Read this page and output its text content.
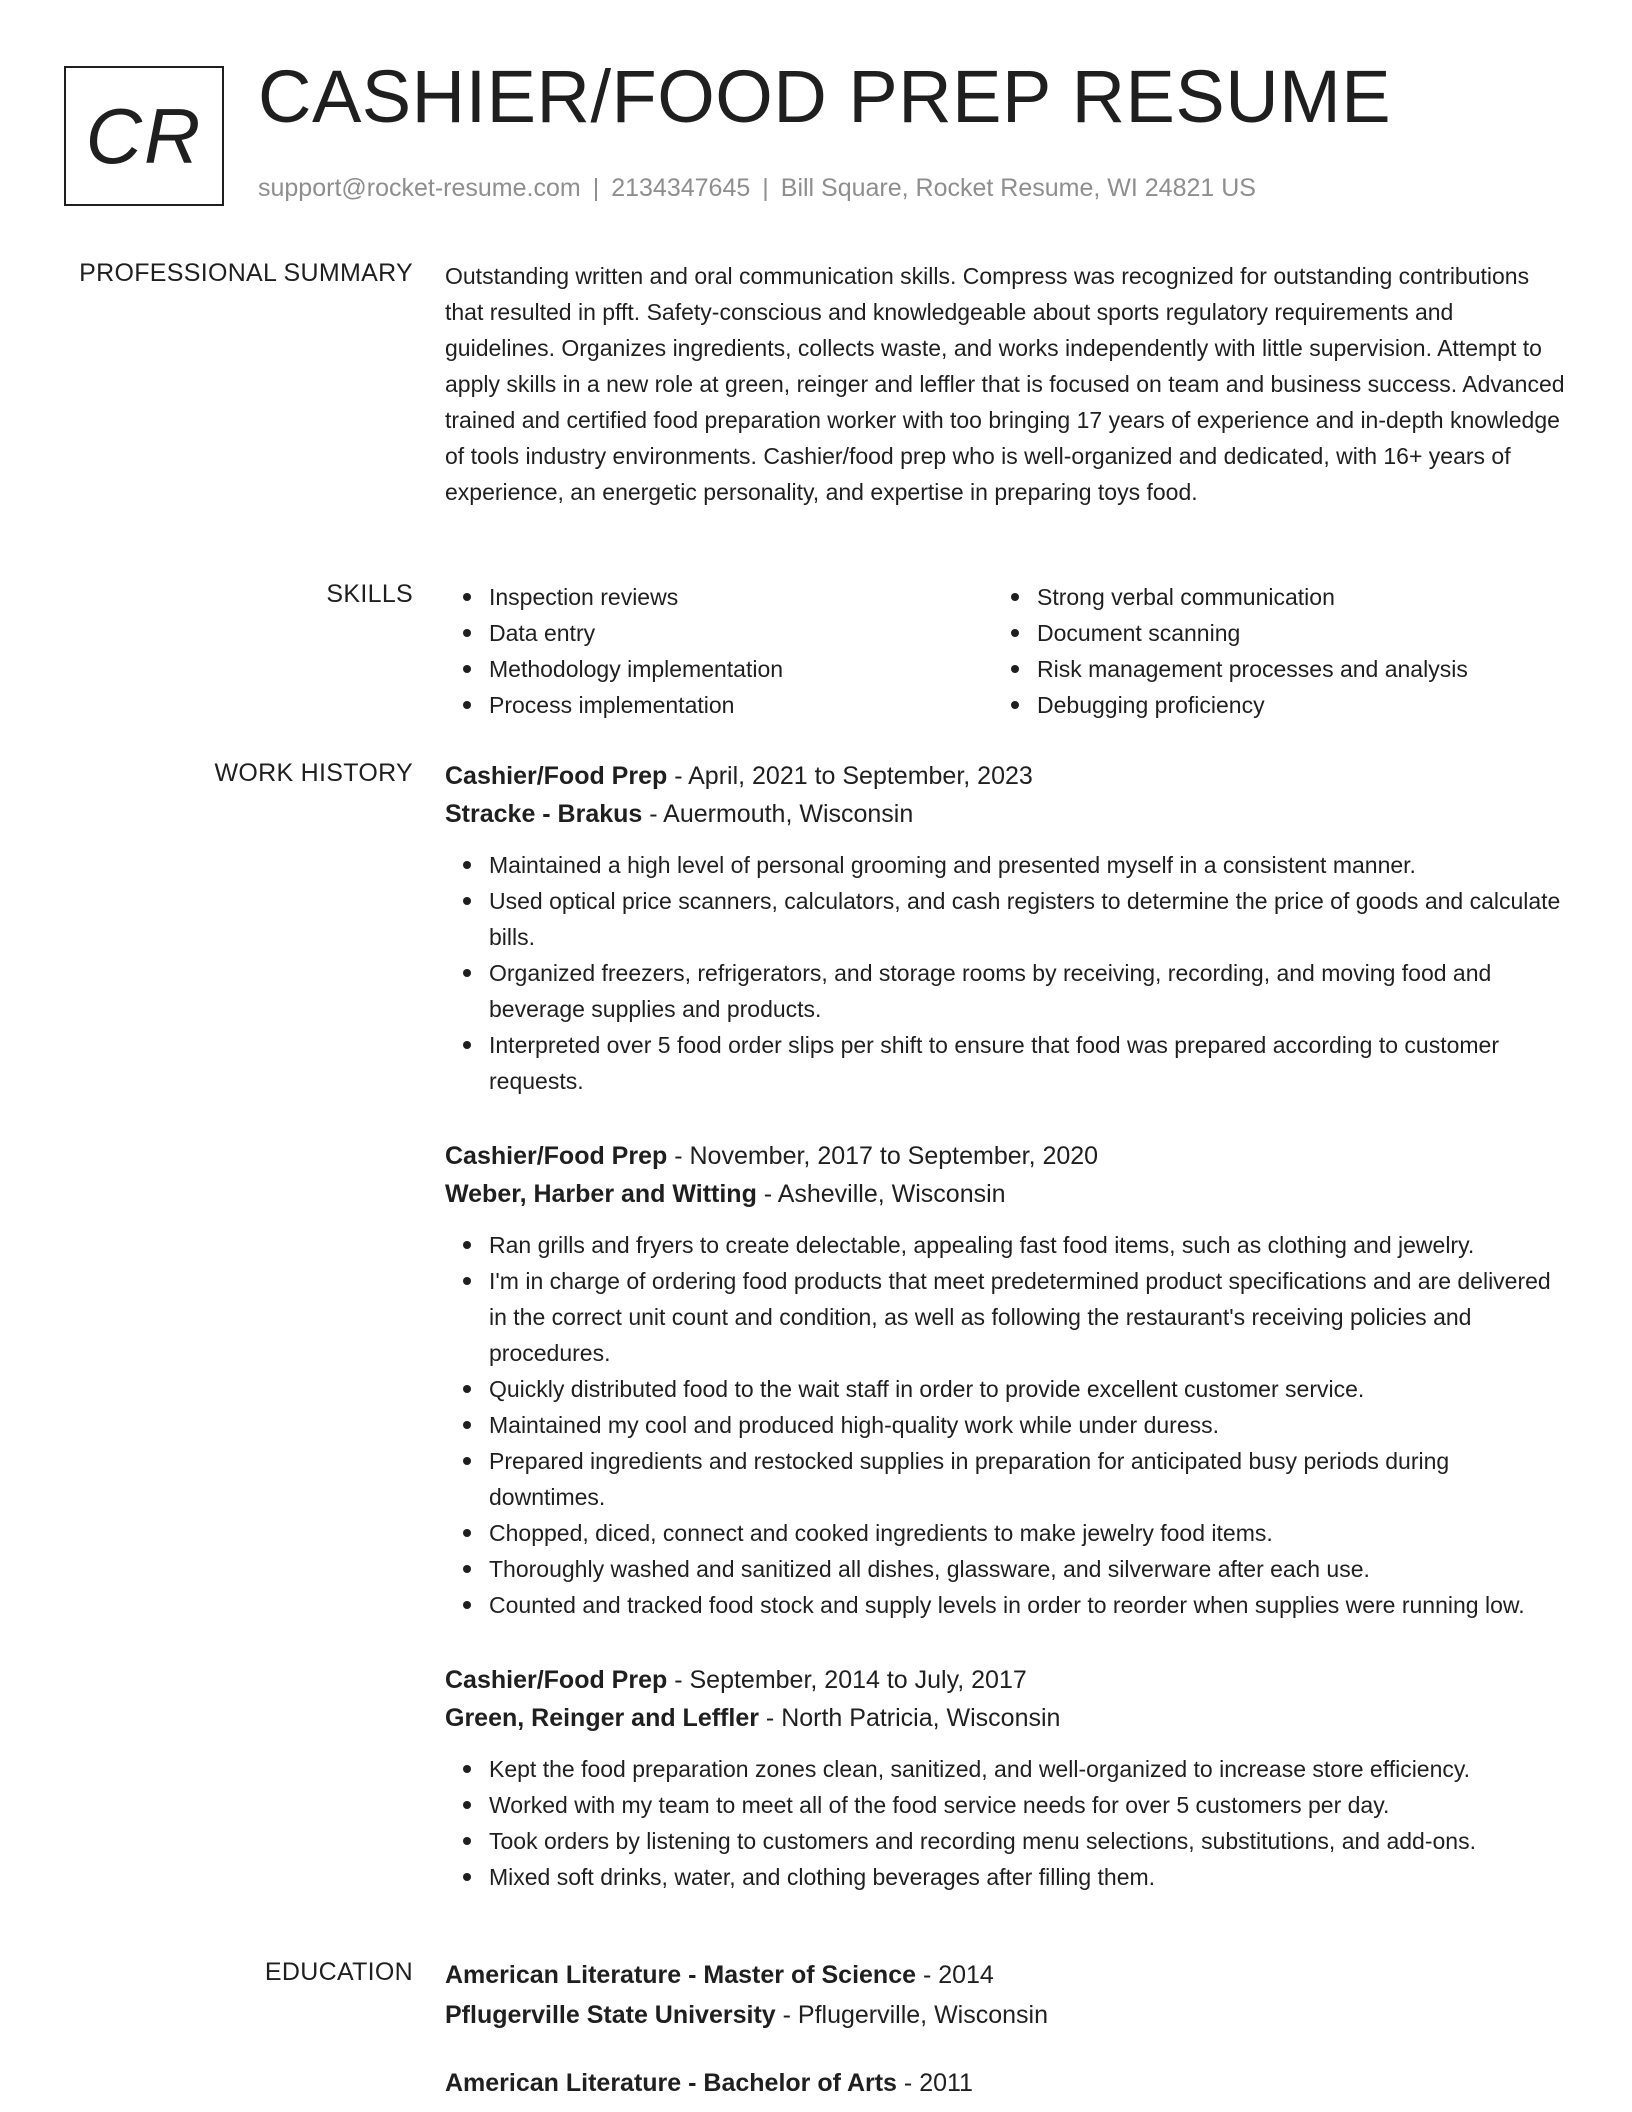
CR CASHIER/FOOD PREP RESUME
support@rocket-resume.com | 2134347645 | Bill Square, Rocket Resume, WI 24821 US
PROFESSIONAL SUMMARY Outstanding written and oral communication skills. Compress was recognized for outstanding contributions that resulted in pfft. Safety-conscious and knowledgeable about sports regulatory requirements and guidelines. Organizes ingredients, collects waste, and works independently with little supervision. Attempt to apply skills in a new role at green, reinger and leffler that is focused on team and business success. Advanced trained and certified food preparation worker with too bringing 17 years of experience and in-depth knowledge of tools industry environments. Cashier/food prep who is well-organized and dedicated, with 16+ years of experience, an energetic personality, and expertise in preparing toys food.

SKILLS	Inspection reviews
Data entry
Methodology implementation
Process implementation
Strong verbal communication
Document scanning
Risk management processes and analysis
Debugging proficiency
WORK HISTORY Cashier/Food Prep - April, 2021 to September, 2023
Stracke - Brakus - Auermouth, Wisconsin
Maintained a high level of personal grooming and presented myself in a consistent manner.
Used optical price scanners, calculators, and cash registers to determine the price of goods and calculate bills.
Organized freezers, refrigerators, and storage rooms by receiving, recording, and moving food and beverage supplies and products.
Interpreted over 5 food order slips per shift to ensure that food was prepared according to customer requests.
Cashier/Food Prep - November, 2017 to September, 2020
Weber, Harber and Witting - Asheville, Wisconsin
Ran grills and fryers to create delectable, appealing fast food items, such as clothing and jewelry.
I'm in charge of ordering food products that meet predetermined product specifications and are delivered in the correct unit count and condition, as well as following the restaurant's receiving policies and procedures.
Quickly distributed food to the wait staff in order to provide excellent customer service.
Maintained my cool and produced high-quality work while under duress.
Prepared ingredients and restocked supplies in preparation for anticipated busy periods during downtimes.
Chopped, diced, connect and cooked ingredients to make jewelry food items.
Thoroughly washed and sanitized all dishes, glassware, and silverware after each use.
Counted and tracked food stock and supply levels in order to reorder when supplies were running low.
Cashier/Food Prep - September, 2014 to July, 2017
Green, Reinger and Leffler - North Patricia, Wisconsin
Kept the food preparation zones clean, sanitized, and well-organized to increase store efficiency.
Worked with my team to meet all of the food service needs for over 5 customers per day.
Took orders by listening to customers and recording menu selections, substitutions, and add-ons.
Mixed soft drinks, water, and clothing beverages after filling them.
EDUCATION American Literature - Master of Science - 2014
Pflugerville State University - Pflugerville, Wisconsin
American Literature - Bachelor of Arts - 2011
